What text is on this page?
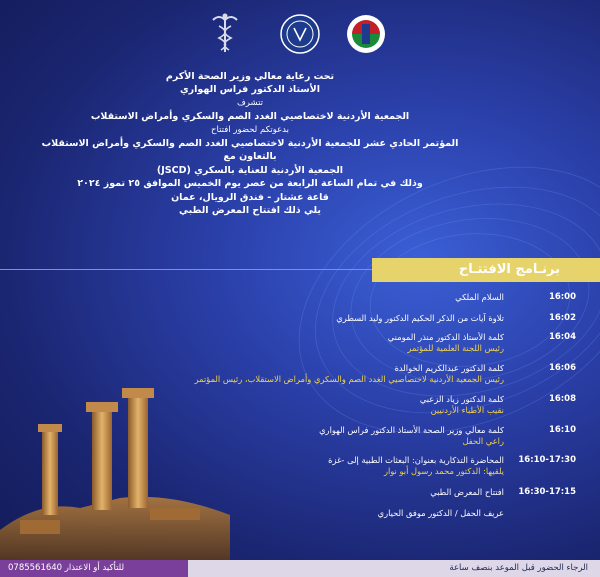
تحت رعاية معالي وزير الصحة الأكرم
الأستاذ الدكتور فراس الهواري
تتشرف
الجمعية الأردنية لاختصاصيي الغدد الصم والسكري وأمراض الاستقلاب
بدعوتكم لحضور افتتاح
المؤتمر الحادي عشر للجمعية الأردنية لاختصاصيي الغدد الصم والسكري وأمراض الاستقلاب
بالتعاون مع
الجمعية الأردنية للعناية بالسكري (JSCD)
وذلك في تمام الساعة الرابعة من عصر يوم الخميس الموافق ٢٥ تموز ٢٠٢٤
قاعة عشتار - فندق الرويال، عمان
يلي ذلك افتتاح المعرض الطبي
برنـامج الافتتـاح
16:00
السلام الملكي
16:02
تلاوة آيات من الذكر الحكيم الدكتور وليد السطري
16:04
كلمة الأستاذ الدكتور منذر المومني
رئيس اللجنة العلمية للمؤتمر
16:06
كلمة الدكتور عبدالكريم الخوالدة
رئيس الجمعية الأردنية لاختصاصيي الغدد الصم والسكري وأمراض الاستقلاب، رئيس المؤتمر
16:08
كلمة الدكتور زياد الزعبي
نقيب الأطباء الأردنيين
16:10
كلمة معالي وزير الصحة الأستاذ الدكتور فراس الهواري
راعي الحفل
16:10-17:30
المحاضرة التذكارية بعنوان: البعثات الطبية إلى -غزة
يلقيها: الدكتور محمد رسول أبو نوار
16:30-17:15
افتتاح المعرض الطبي
عريف الحفل / الدكتور موفق الحياري
للتأكيد أو الاعتذار 0785561640	الرجاء الحضور قبل الموعد بنصف ساعة
